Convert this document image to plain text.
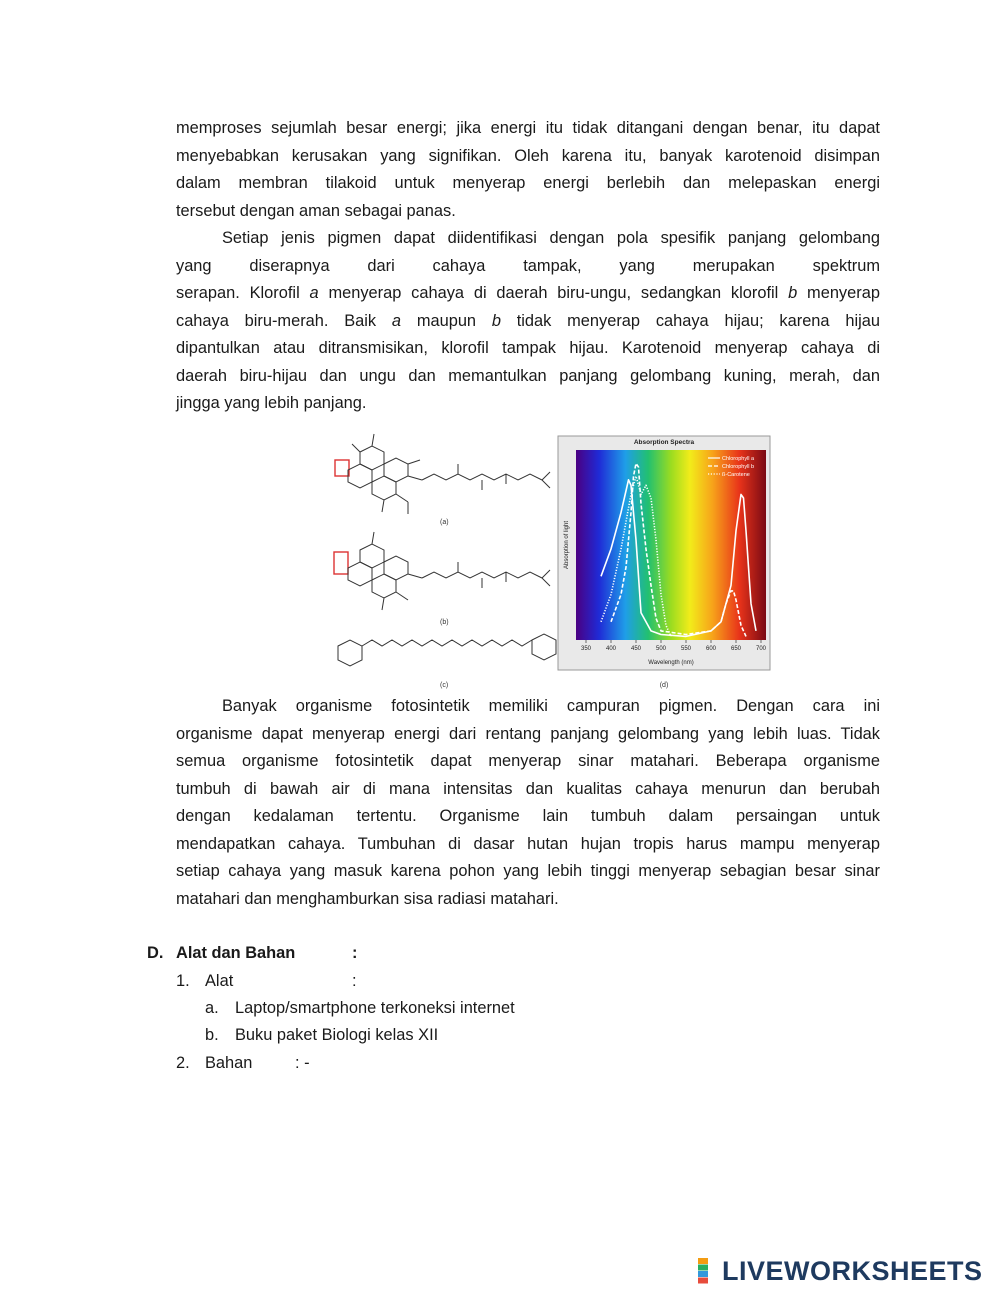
memproses sejumlah besar energi; jika energi itu tidak ditangani dengan benar, itu dapat
menyebabkan kerusakan yang signifikan. Oleh karena itu, banyak karotenoid disimpan
dalam membran tilakoid untuk menyerap energi berlebih dan melepaskan energi
tersebut dengan aman sebagai panas.
Setiap jenis pigmen dapat diidentifikasi dengan pola spesifik panjang gelombang
yang diserapnya dari cahaya tampak, yang merupakan spektrum
serapan. Klorofil a menyerap cahaya di daerah biru-ungu, sedangkan klorofil b menyerap
cahaya biru-merah. Baik a maupun b tidak menyerap cahaya hijau; karena hijau
dipantulkan atau ditransmisikan, klorofil tampak hijau. Karotenoid menyerap cahaya di
daerah biru-hijau dan ungu dan memantulkan panjang gelombang kuning, merah, dan
jingga yang lebih panjang.
(a)
(b)
(c)
Absorption Spectra
350 400 450 500 550 600 650 700
Wavelength (nm)
Absorption of light
Chlorophyll a
Chlorophyll b
ß-Carotene
(d)
Banyak organisme fotosintetik memiliki campuran pigmen. Dengan cara ini
organisme dapat menyerap energi dari rentang panjang gelombang yang lebih luas. Tidak
semua organisme fotosintetik dapat menyerap sinar matahari. Beberapa organisme
tumbuh di bawah air di mana intensitas dan kualitas cahaya menurun dan berubah
dengan kedalaman tertentu. Organisme lain tumbuh dalam persaingan untuk
mendapatkan cahaya. Tumbuhan di dasar hutan hujan tropis harus mampu menyerap
setiap cahaya yang masuk karena pohon yang lebih tinggi menyerap sebagian besar sinar
matahari dan menghamburkan sisa radiasi matahari.
D. Alat dan Bahan	:
1. Alat	:
a. Laptop/smartphone terkoneksi internet
b. Buku paket Biologi kelas XII
2. Bahan	: -
LIVEWORKSHEETS
